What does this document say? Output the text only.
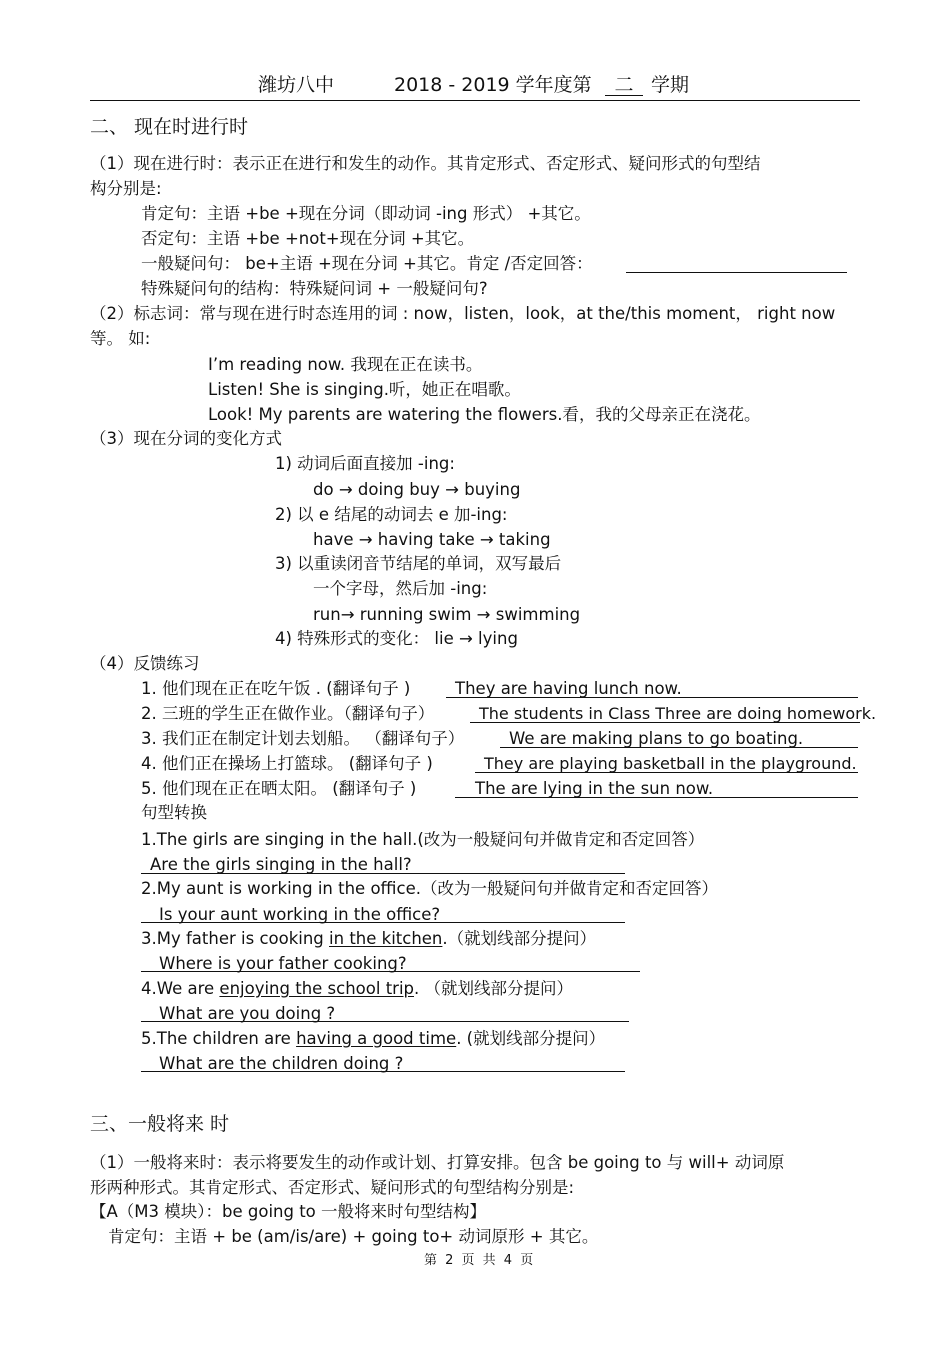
潍坊八中	2018 - 2019 学年度第	二 学期
二、 现在时进行时
（1）现在进行时：表示正在进行和发生的动作。其肯定形式、否定形式、疑问形式的句型结
构分别是:
肯定句：主语 +be +现在分词（即动词 -ing 形式） +其它。
否定句：主语 +be +not+现在分词 +其它。
一般疑问句： be+主语 +现在分词 +其它。肯定 /否定回答：
特殊疑问句的结构：特殊疑问词 + 一般疑问句?
（2）标志词：常与现在进行时态连用的词 : now，listen，look，at the/this moment， right now
等。 如:
I’m reading now. 我现在正在读书。
Listen! She is singing.听，她正在唱歌。
Look! My parents are watering the flowers.看，我的父母亲正在浇花。
（3）现在分词的变化方式
1) 动词后面直接加 -ing:
do → doing buy → buying
2) 以 e 结尾的动词去 e 加-ing:
have → having take → taking
3) 以重读闭音节结尾的单词，双写最后
一个字母，然后加 -ing:
run→ running swim → swimming
4) 特殊形式的变化： lie → lying
（4）反馈练习
1. 他们现在正在吃午饭 . (翻译句子 )	They are having lunch now.
2. 三班的学生正在做作业。（翻译句子）	The students in Class Three are doing homework.
3. 我们正在制定计划去划船。 （翻译句子）	We are making plans to go boating.
4. 他们正在操场上打篮球。 (翻译句子 )	They are playing basketball in the playground.
5. 他们现在正在晒太阳。 (翻译句子 )	The are lying in the sun now.
句型转换
1.The girls are singing in the hall.(改为一般疑问句并做肯定和否定回答）
Are the girls singing in the hall?
2.My aunt is working in the office.（改为一般疑问句并做肯定和否定回答）
Is your aunt working in the office?
3.My father is cooking in the kitchen.（就划线部分提问）
Where is your father cooking?
4.We are enjoying the school trip. （就划线部分提问）
What are you doing ?
5.The children are having a good time. (就划线部分提问）
What are the children doing ?
三、一般将来 时
（1）一般将来时：表示将要发生的动作或计划、打算安排。包含 be going to 与 will+ 动词原
形两种形式。其肯定形式、否定形式、疑问形式的句型结构分别是:
【A（M3 模块）：be going to 一般将来时句型结构】
肯定句：主语 + be (am/is/are) + going to+ 动词原形 + 其它。
第 2 页 共 4 页
